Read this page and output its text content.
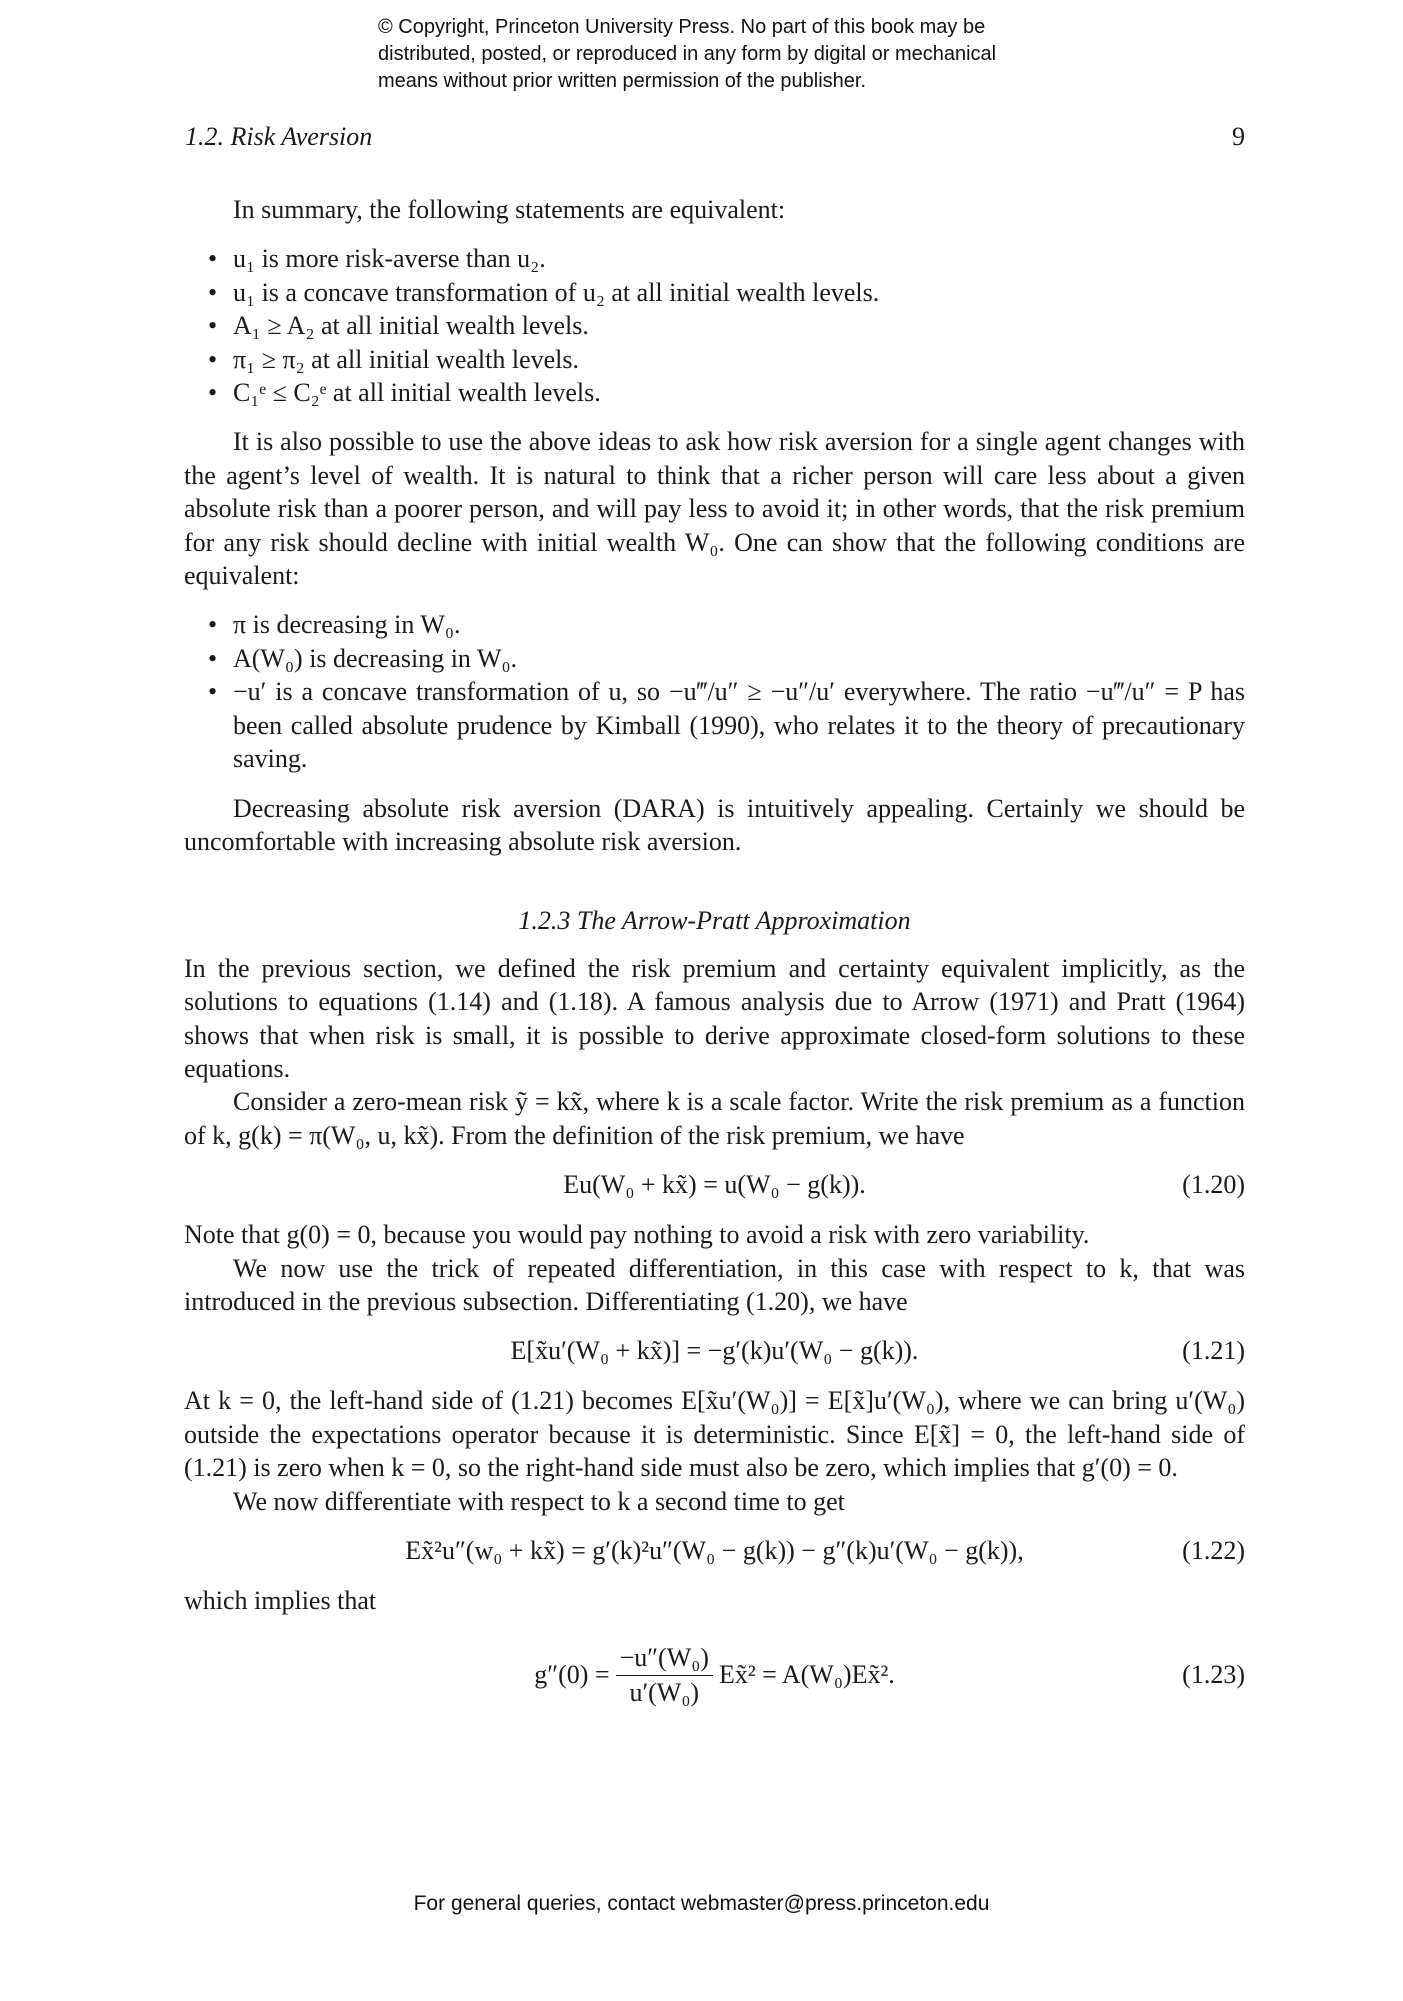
© Copyright, Princeton University Press. No part of this book may be
distributed, posted, or reproduced in any form by digital or mechanical
means without prior written permission of the publisher.
1.2. Risk Aversion	9

In summary, the following statements are equivalent:

• u₁ is more risk-averse than u₂.
• u₁ is a concave transformation of u₂ at all initial wealth levels.
• A₁ ≥ A₂ at all initial wealth levels.
• π₁ ≥ π₂ at all initial wealth levels.
• C₁ᵉ ≤ C₂ᵉ at all initial wealth levels.

It is also possible to use the above ideas to ask how risk aversion for a single agent changes with the agent’s level of wealth. It is natural to think that a richer person will care less about a given absolute risk than a poorer person, and will pay less to avoid it; in other words, that the risk premium for any risk should decline with initial wealth W₀. One can show that the following conditions are equivalent:

• π is decreasing in W₀.
• A(W₀) is decreasing in W₀.
• −u′ is a concave transformation of u, so −u‴/u″ ≥ −u″/u′ everywhere. The ratio −u‴/u″ = P has been called absolute prudence by Kimball (1990), who relates it to the theory of precautionary saving.

Decreasing absolute risk aversion (DARA) is intuitively appealing. Certainly we should be uncomfortable with increasing absolute risk aversion.

1.2.3 The Arrow-Pratt Approximation

In the previous section, we defined the risk premium and certainty equivalent implicitly, as the solutions to equations (1.14) and (1.18). A famous analysis due to Arrow (1971) and Pratt (1964) shows that when risk is small, it is possible to derive approximate closed-form solutions to these equations.

Consider a zero-mean risk ỹ = kx̃, where k is a scale factor. Write the risk premium as a function of k, g(k) = π(W₀, u, kx̃). From the definition of the risk premium, we have

Eu(W₀ + kx̃) = u(W₀ − g(k)).	(1.20)

Note that g(0) = 0, because you would pay nothing to avoid a risk with zero variability.

We now use the trick of repeated differentiation, in this case with respect to k, that was introduced in the previous subsection. Differentiating (1.20), we have

E[x̃u′(W₀ + kx̃)] = −g′(k)u′(W₀ − g(k)).	(1.21)

At k = 0, the left-hand side of (1.21) becomes E[x̃u′(W₀)] = E[x̃]u′(W₀), where we can bring u′(W₀) outside the expectations operator because it is deterministic. Since E[x̃] = 0, the left-hand side of (1.21) is zero when k = 0, so the right-hand side must also be zero, which implies that g′(0) = 0.

We now differentiate with respect to k a second time to get

Ex̃²u″(w₀ + kx̃) = g′(k)²u″(W₀ − g(k)) − g″(k)u′(W₀ − g(k)),	(1.22)

which implies that

$g''(0) = \frac{\text{−u″(W₀)}}{\text{u′(W₀)}}$ Ex̃² = A(W₀)Ex̃².	(1.23)
For general queries, contact webmaster@press.princeton.edu
